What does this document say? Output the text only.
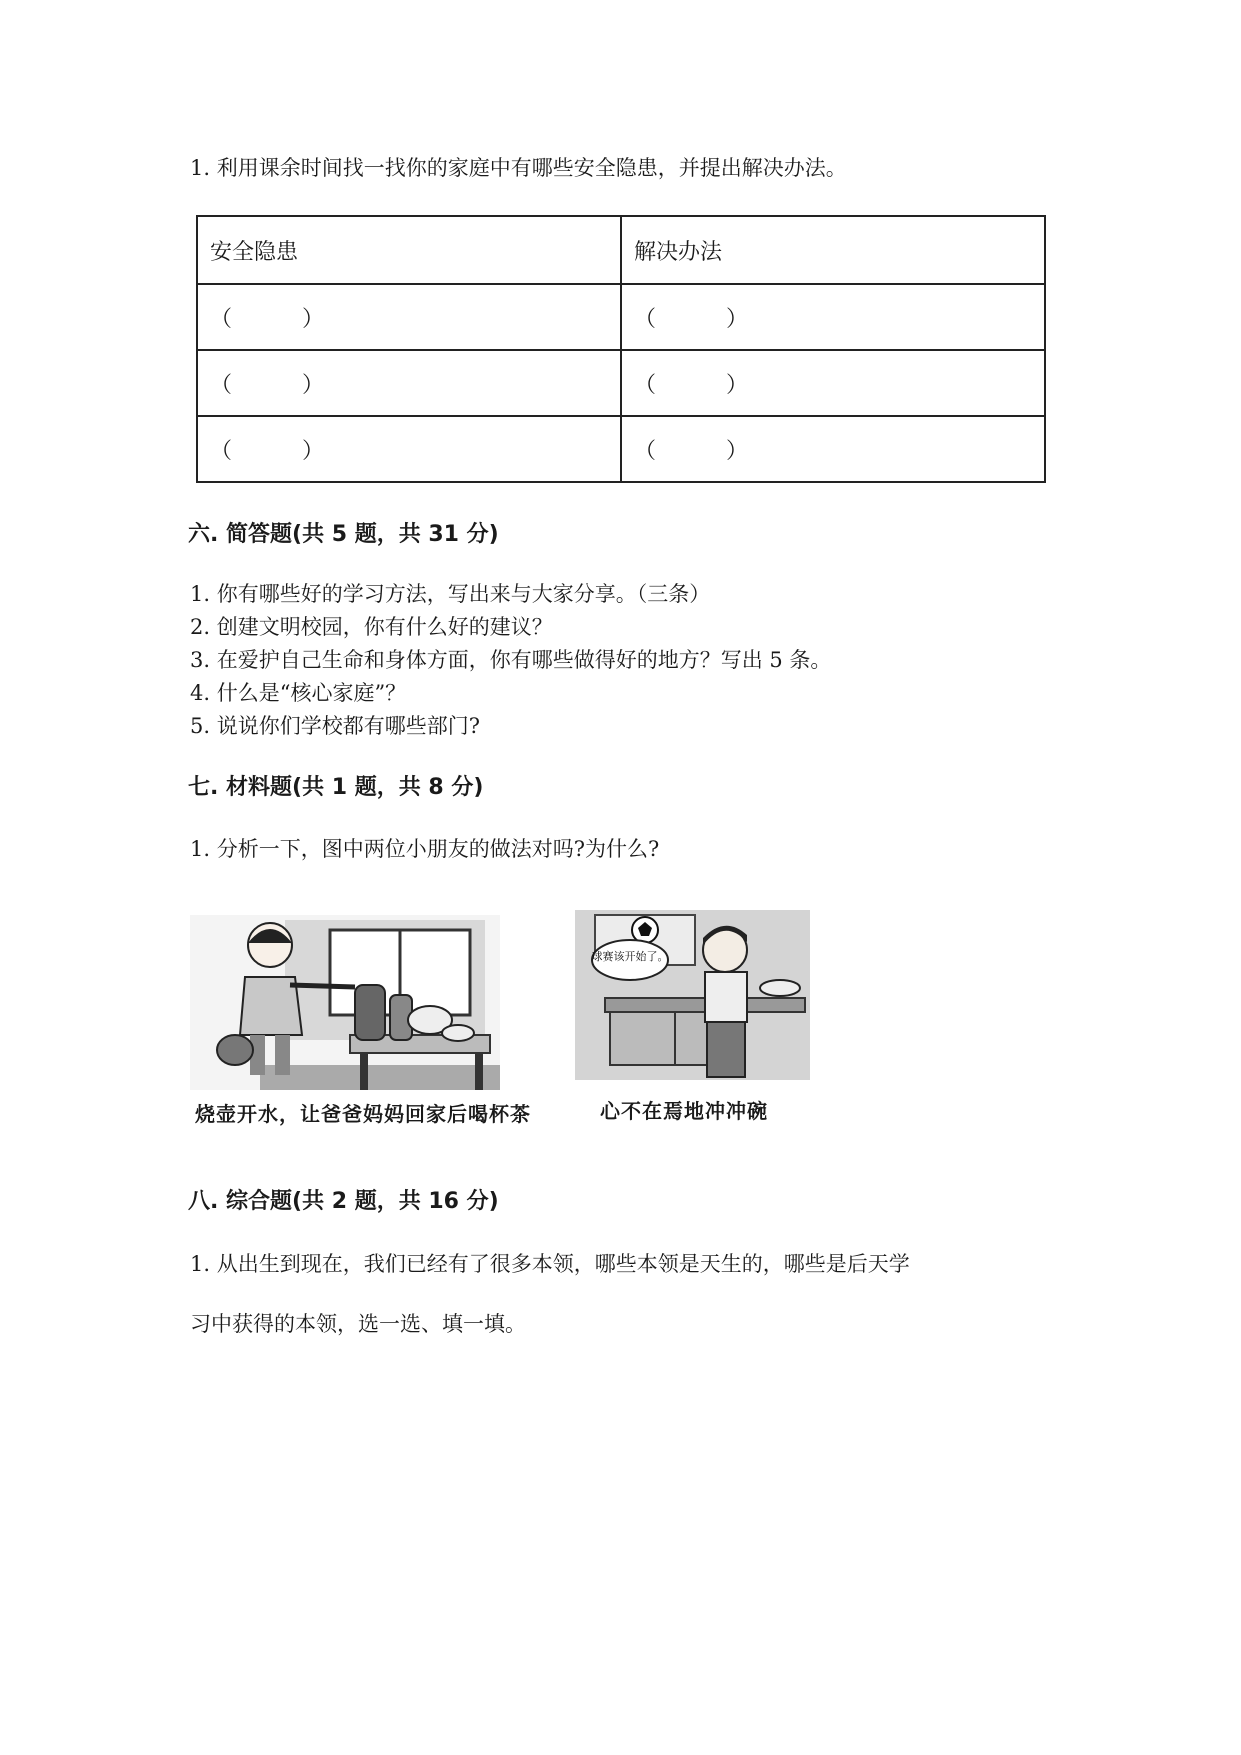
1. 利用课余时间找一找你的家庭中有哪些安全隐患，并提出解决办法。
安全隐患	解决办法
（ ）	（ ）
（ ）	（ ）
（ ）	（ ）
六. 简答题(共 5 题，共 31 分)
1. 你有哪些好的学习方法，写出来与大家分享。（三条）
2. 创建文明校园，你有什么好的建议？
3. 在爱护自己生命和身体方面，你有哪些做得好的地方？写出 5 条。
4. 什么是“核心家庭”？
5. 说说你们学校都有哪些部门?
七. 材料题(共 1 题，共 8 分)
1. 分析一下，图中两位小朋友的做法对吗?为什么?
烧壶开水，让爸爸妈妈回家后喝杯茶
球赛该开始了。
心不在焉地冲冲碗
八. 综合题(共 2 题，共 16 分)
1. 从出生到现在，我们已经有了很多本领，哪些本领是天生的，哪些是后天学
习中获得的本领，选一选、填一填。
